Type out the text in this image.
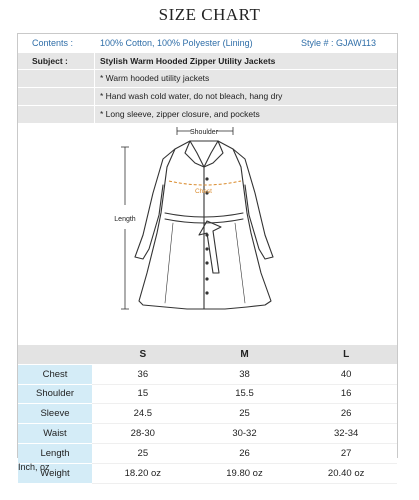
SIZE CHART
Contents :	100% Cotton, 100% Polyester (Lining)	Style # : GJAW113
Subject :	Stylish Warm Hooded Zipper Utility Jackets
* Warm hooded utility jackets
* Hand wash cold water, do not bleach, hang dry
* Long sleeve, zipper closure, and pockets
Shoulder
Chest
Length
	S	M	L
Chest	36	38	40
Shoulder	15	15.5	16
Sleeve	24.5	25	26
Waist	28-30	30-32	32-34
Length	25	26	27
Weight	18.20 oz	19.80 oz	20.40 oz
Inch, oz
